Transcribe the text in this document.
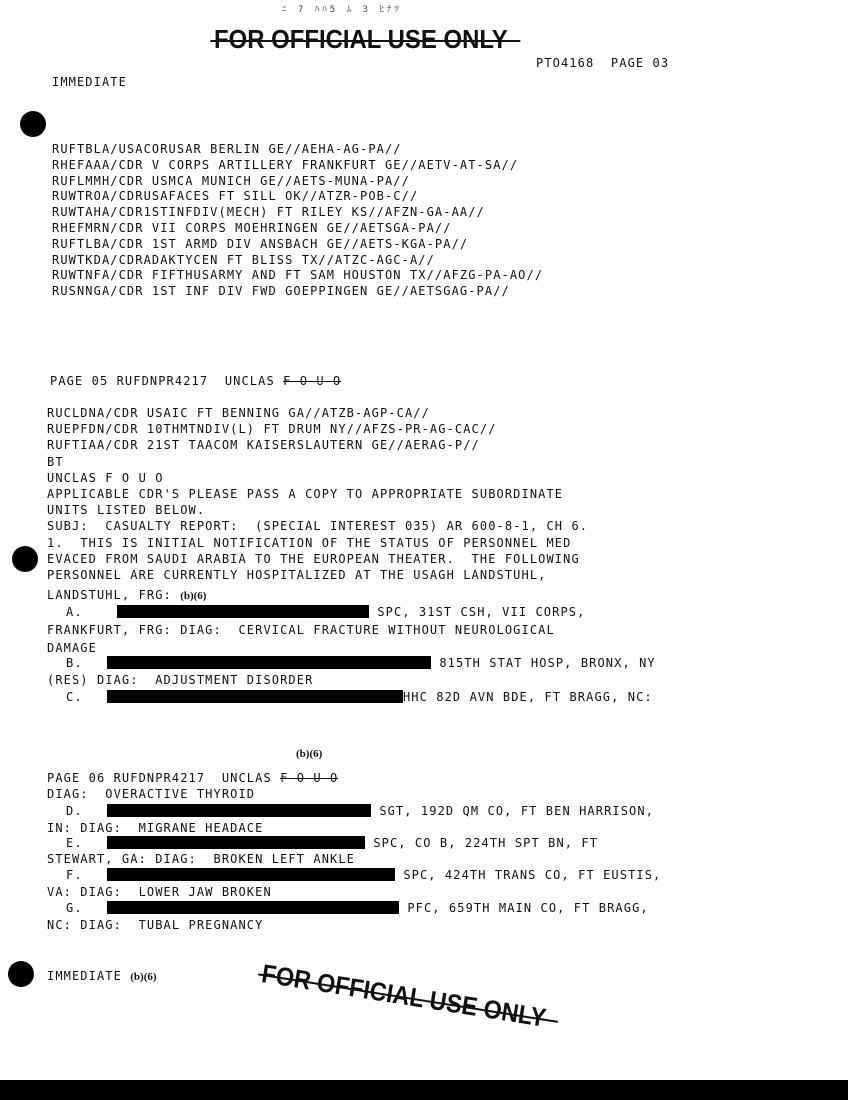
ﾆ 7 ﾊﾊ5 ﾑ 3 ﾋﾅﾂ
FOR OFFICIAL USE ONLY
PTO4168  PAGE 03
IMMEDIATE
RUFTBLA/USACORUSAR BERLIN GE//AEHA-AG-PA//
RHEFAAA/CDR V CORPS ARTILLERY FRANKFURT GE//AETV-AT-SA//
RUFLMMH/CDR USMCA MUNICH GE//AETS-MUNA-PA//
RUWTROA/CDRUSAFACES FT SILL OK//ATZR-POB-C//
RUWTAHA/CDR1STINFDIV(MECH) FT RILEY KS//AFZN-GA-AA//
RHEFMRN/CDR VII CORPS MOEHRINGEN GE//AETSGA-PA//
RUFTLBA/CDR 1ST ARMD DIV ANSBACH GE//AETS-KGA-PA//
RUWTKDA/CDRADAKTYCEN FT BLISS TX//ATZC-AGC-A//
RUWTNFA/CDR FIFTHUSARMY AND FT SAM HOUSTON TX//AFZG-PA-AO//
RUSNNGA/CDR 1ST INF DIV FWD GOEPPINGEN GE//AETSGAG-PA//
PAGE 05 RUFDNPR4217  UNCLAS F O U O
RUCLDNA/CDR USAIC FT BENNING GA//ATZB-AGP-CA//
RUEPFDN/CDR 10THMTNDIV(L) FT DRUM NY//AFZS-PR-AG-CAC//
RUFTIAA/CDR 21ST TAACOM KAISERSLAUTERN GE//AERAG-P//
BT
UNCLAS F O U O
APPLICABLE CDR'S PLEASE PASS A COPY TO APPROPRIATE SUBORDINATE
UNITS LISTED BELOW.
SUBJ:  CASUALTY REPORT:  (SPECIAL INTEREST 035) AR 600-8-1, CH 6.
1.  THIS IS INITIAL NOTIFICATION OF THE STATUS OF PERSONNEL MED
EVACED FROM SAUDI ARABIA TO THE EUROPEAN THEATER.  THE FOLLOWING
PERSONNEL ARE CURRENTLY HOSPITALIZED AT THE USAGH LANDSTUHL,
LANDSTUHL, FRG: (b)(6)
A.	SPC, 31ST CSH, VII CORPS,
FRANKFURT, FRG: DIAG:  CERVICAL FRACTURE WITHOUT NEUROLOGICAL
DAMAGE
B.	815TH STAT HOSP, BRONX, NY
(RES) DIAG:  ADJUSTMENT DISORDER
C.	HHC 82D AVN BDE, FT BRAGG, NC:
(b)(6)
PAGE 06 RUFDNPR4217  UNCLAS F O U O
DIAG:  OVERACTIVE THYROID
D.	SGT, 192D QM CO, FT BEN HARRISON,
IN: DIAG:  MIGRANE HEADACE
E.	SPC, CO B, 224TH SPT BN, FT
STEWART, GA: DIAG:  BROKEN LEFT ANKLE
F.	SPC, 424TH TRANS CO, FT EUSTIS,
VA: DIAG:  LOWER JAW BROKEN
G.	PFC, 659TH MAIN CO, FT BRAGG,
NC: DIAG:  TUBAL PREGNANCY
IMMEDIATE (b)(6)	FOR OFFICIAL USE ONLY
